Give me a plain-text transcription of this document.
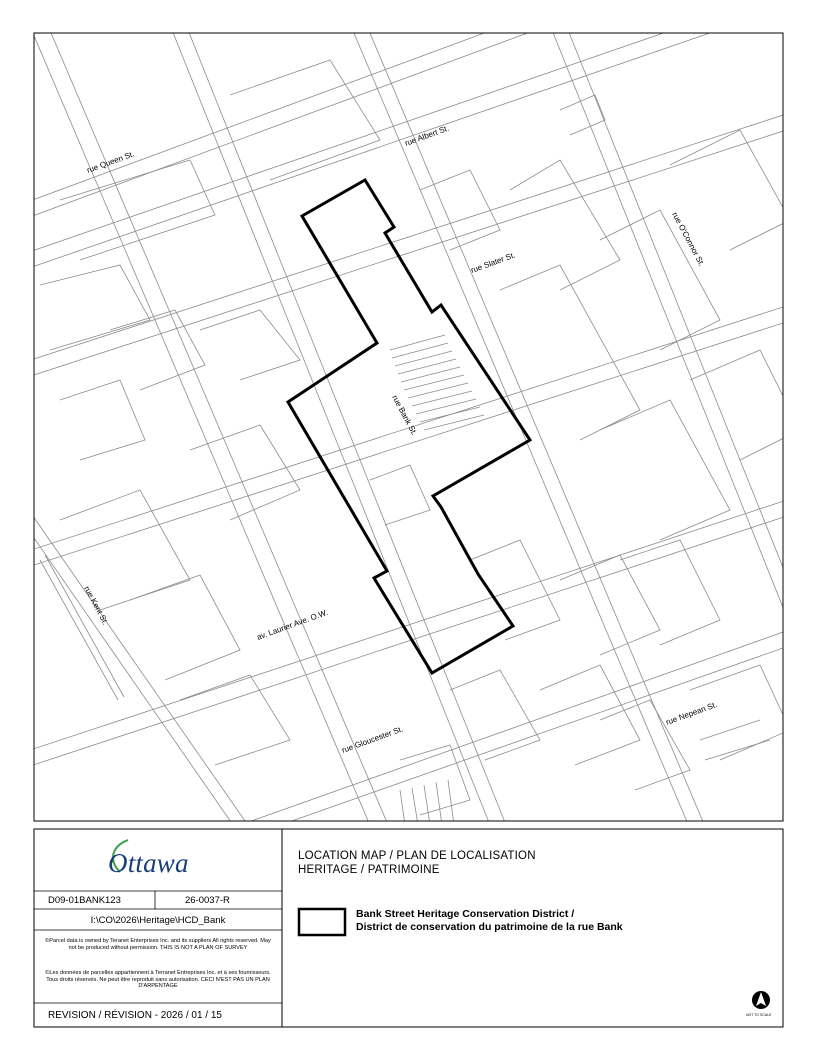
rue Queen St.
rue Albert St.
rue Slater St.	rue O'Connor St.
rue Bank St.
av. Laurier Ave. O.W.
rue Kent St.
rue Gloucester St.
rue Nepean St.
Ottawa
D09-01BANK123	26-0037-R
I:\CO\2026\Heritage\HCD_Bank
©Parcel data is owned by Teranet Enterprises Inc. and its suppliers All rights reserved. May not be produced without permission. THIS IS NOT A PLAN OF SURVEY
©Les données de parcelles appartiennent à Terranet Entreprises Inc. et à ses fournisseurs. Tous droits réservés. Ne peut être reproduit sans autorisation. CECI N'EST PAS UN PLAN D'ARPENTAGE
REVISION / RÉVISION - 2026 / 01 / 15
LOCATION MAP / PLAN DE LOCALISATION
HERITAGE / PATRIMOINE
Bank Street Heritage Conservation District /
District de conservation du patrimoine de la rue Bank
NOT TO SCALE
